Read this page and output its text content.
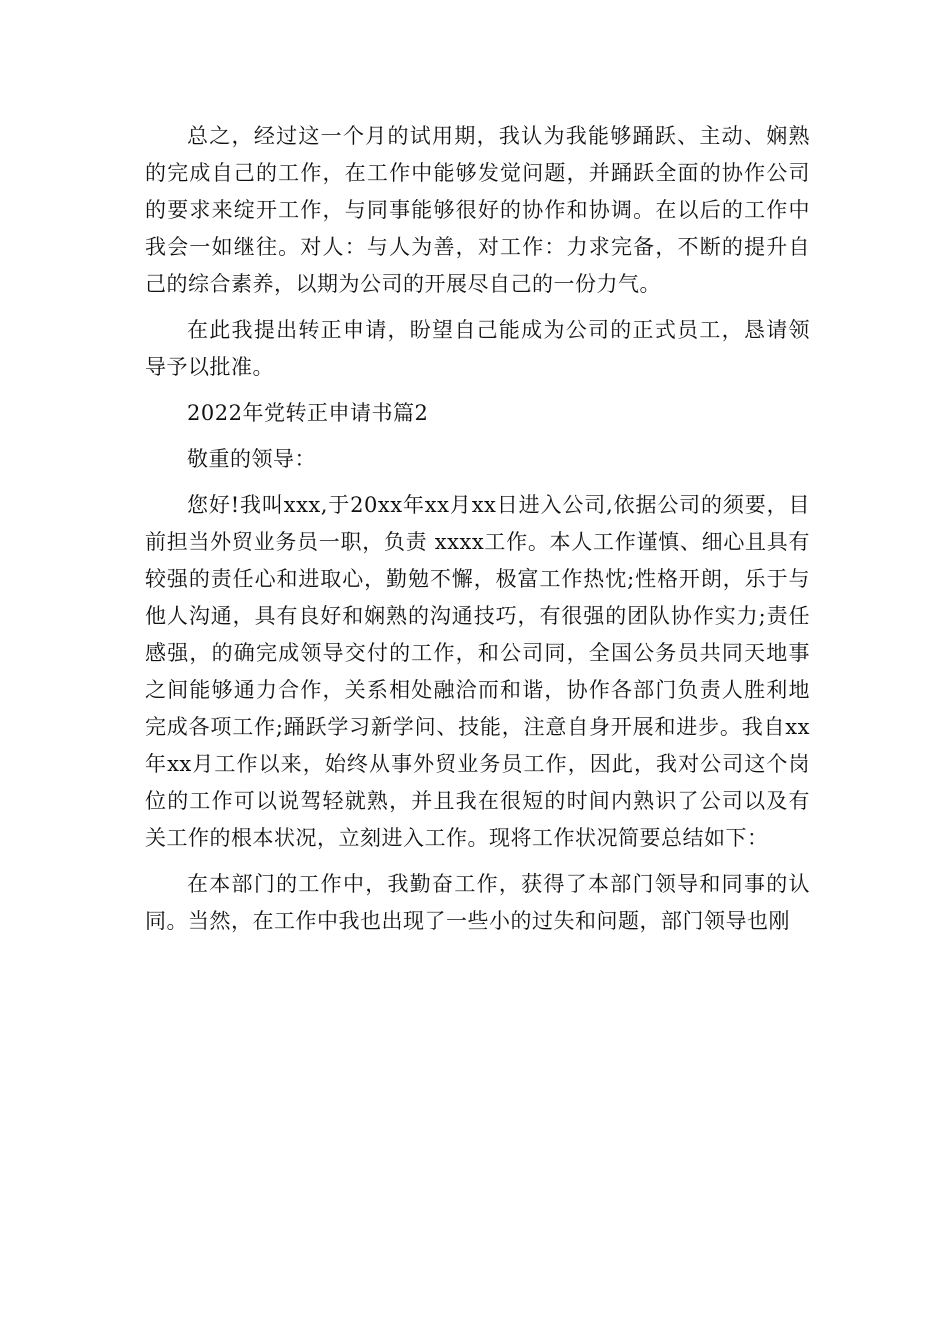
总之，经过这一个月的试用期，我认为我能够踊跃、主动、娴熟的完成自己的工作，在工作中能够发觉问题，并踊跃全面的协作公司的要求来绽开工作，与同事能够很好的协作和协调。在以后的工作中我会一如继往。对人：与人为善，对工作：力求完备，不断的提升自己的综合素养，以期为公司的开展尽自己的一份力气。

在此我提出转正申请，盼望自己能成为公司的正式员工，恳请领导予以批准。

2022年党转正申请书篇2

敬重的领导：

您好!我叫xxx,于20xx年xx月xx日进入公司,依据公司的须要，目前担当外贸业务员一职，负责 xxxx工作。本人工作谨慎、细心且具有较强的责任心和进取心，勤勉不懈，极富工作热忱;性格开朗，乐于与他人沟通，具有良好和娴熟的沟通技巧，有很强的团队协作实力;责任感强，的确完成领导交付的工作，和公司同，全国公务员共同天地事之间能够通力合作，关系相处融洽而和谐，协作各部门负责人胜利地完成各项工作;踊跃学习新学问、技能，注意自身开展和进步。我自xx年xx月工作以来，始终从事外贸业务员工作，因此，我对公司这个岗位的工作可以说驾轻就熟，并且我在很短的时间内熟识了公司以及有关工作的根本状况，立刻进入工作。现将工作状况简要总结如下：

在本部门的工作中，我勤奋工作，获得了本部门领导和同事的认同。当然，在工作中我也出现了一些小的过失和问题，部门领导也刚
